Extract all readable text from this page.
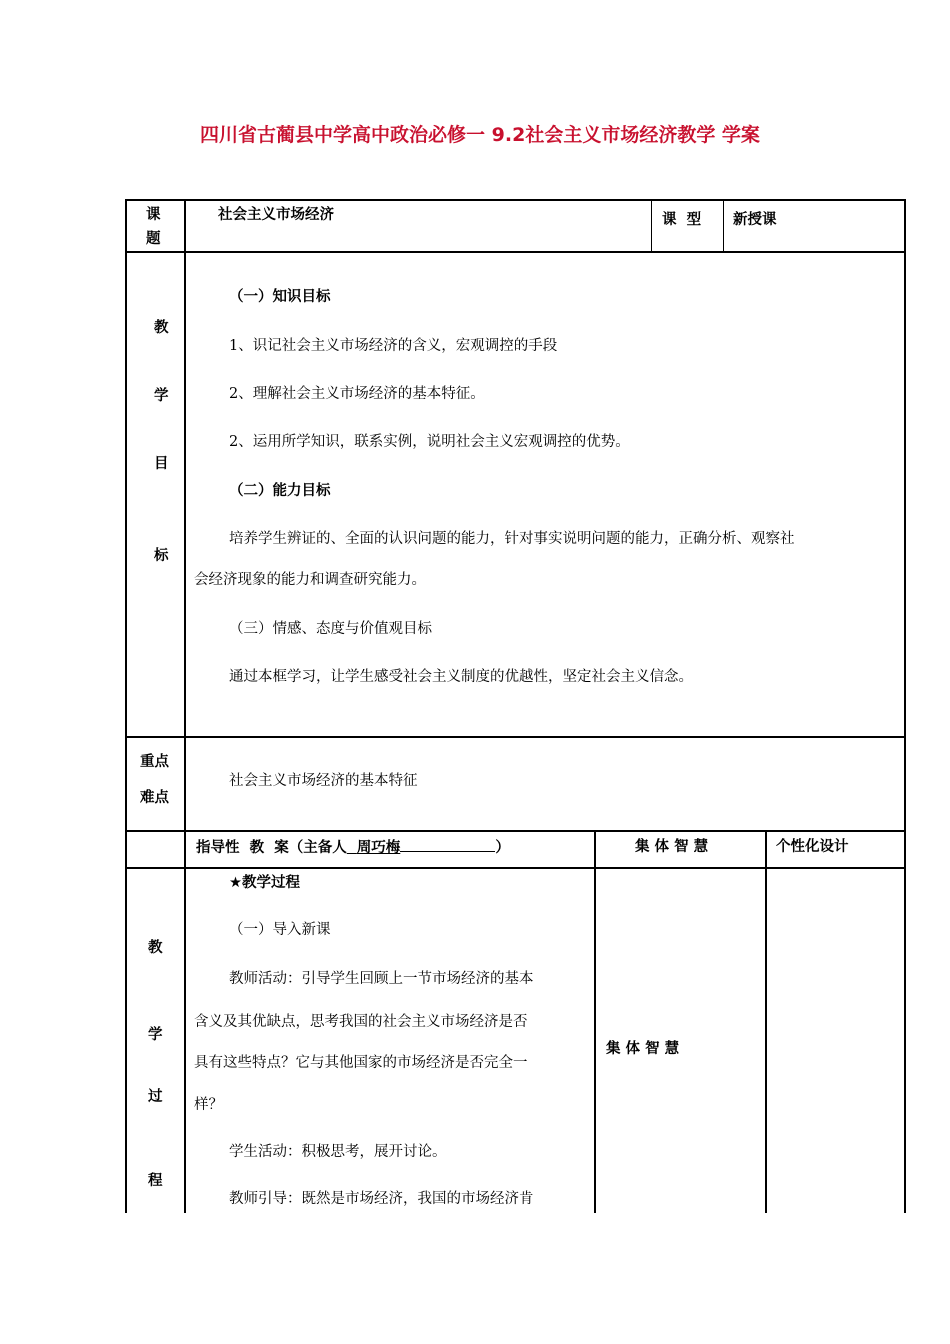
四川省古蔺县中学高中政治必修一 9.2社会主义市场经济教学 学案
课
题
社会主义市场经济	课  型 新授课
教
学
目
标
（一）知识目标
1、识记社会主义市场经济的含义，宏观调控的手段
2、理解社会主义市场经济的基本特征。
2、运用所学知识，联系实例，说明社会主义宏观调控的优势。
（二）能力目标
培养学生辨证的、全面的认识问题的能力，针对事实说明问题的能力，正确分析、观察社
会经济现象的能力和调查研究能力。
（三）情感、态度与价值观目标
通过本框学习，让学生感受社会主义制度的优越性，坚定社会主义信念。
重点
难点
社会主义市场经济的基本特征
指导性  教  案（主备人 周巧梅	）	集 体 智 慧	个性化设计
教
学
过
程
★教学过程
（一）导入新课
教师活动：引导学生回顾上一节市场经济的基本
含义及其优缺点，思考我国的社会主义市场经济是否
具有这些特点？它与其他国家的市场经济是否完全一
样？
学生活动：积极思考，展开讨论。
教师引导：既然是市场经济，我国的市场经济肯
集 体 智 慧
